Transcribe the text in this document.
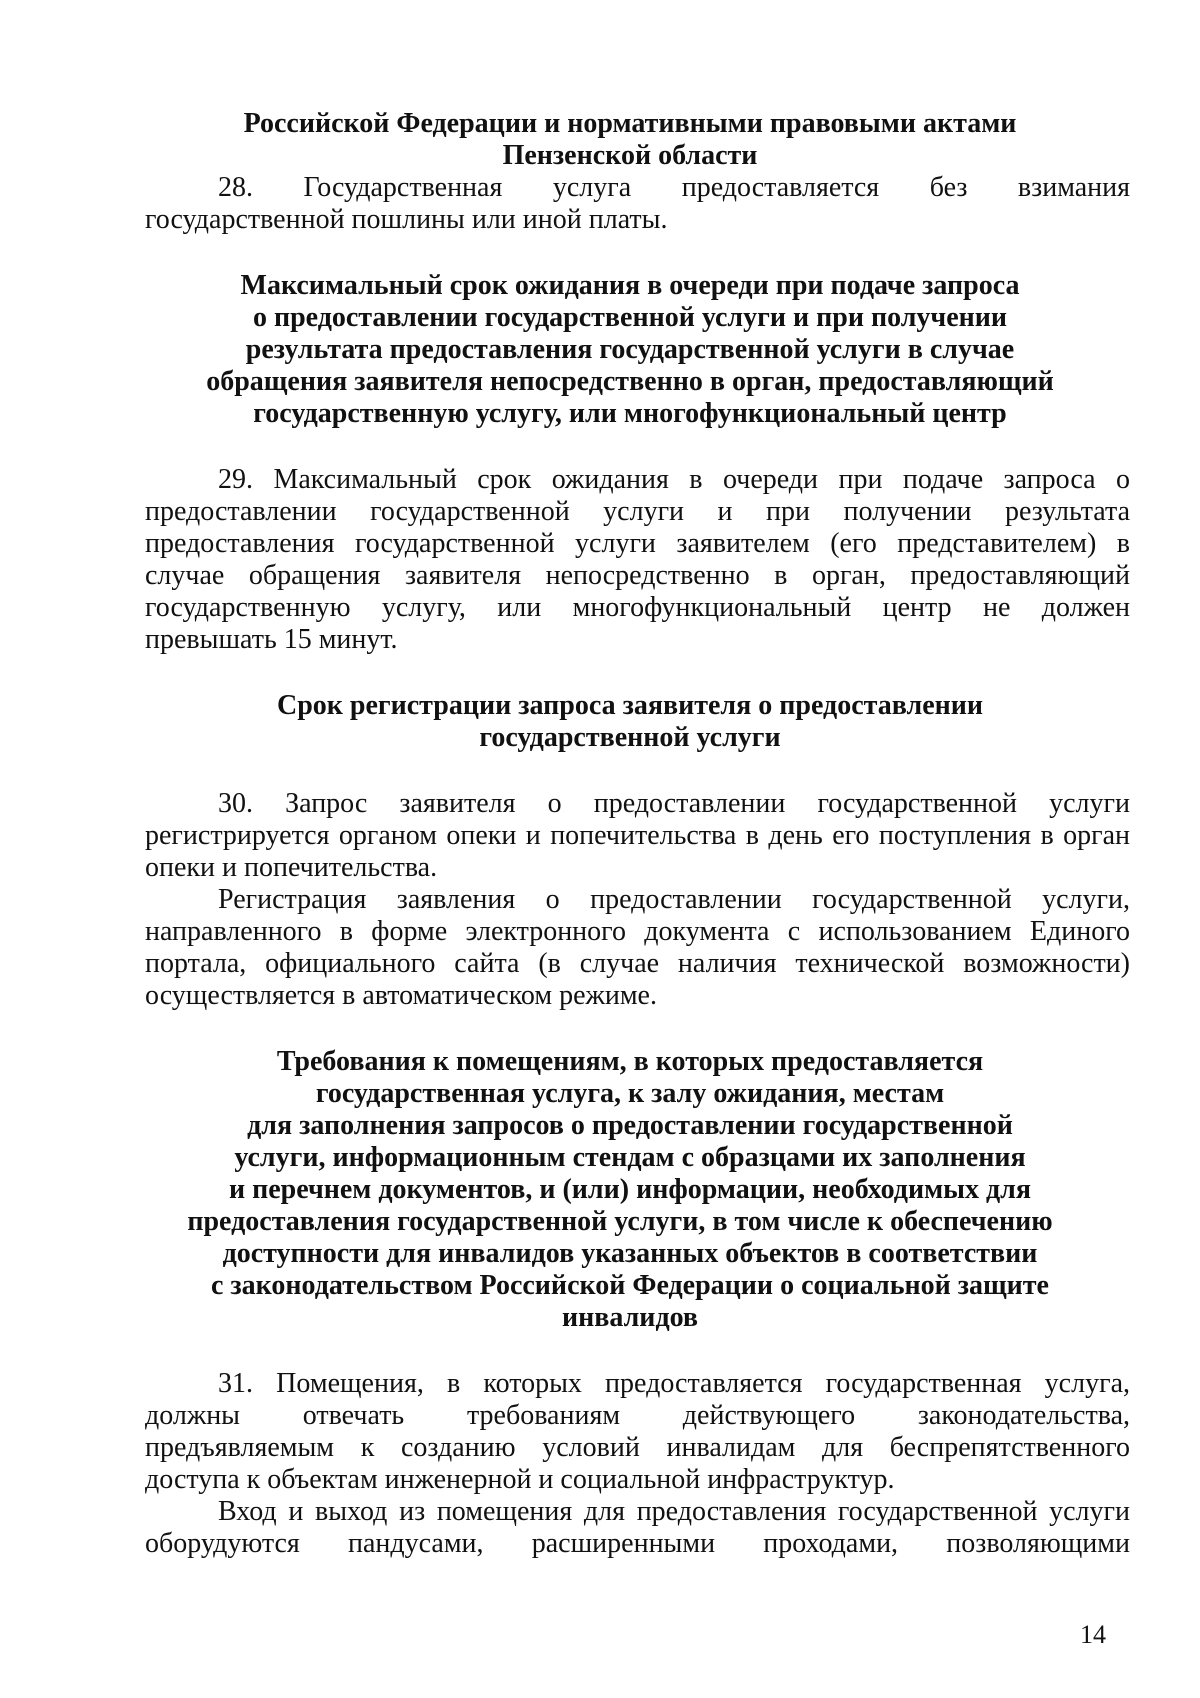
Российской Федерации и нормативными правовыми актами

Пензенской области

28. Государственная услуга предоставляется без взимания

государственной пошлины или иной платы.

Максимальный срок ожидания в очереди при подаче запроса

о предоставлении государственной услуги и при получении

результата предоставления государственной услуги в случае

обращения заявителя непосредственно в орган, предоставляющий

государственную услугу, или многофункциональный центр

29. Максимальный срок ожидания в очереди при подаче запроса о

предоставлении государственной услуги и при получении результата

предоставления государственной услуги заявителем (его представителем) в

случае обращения заявителя непосредственно в орган, предоставляющий

государственную услугу, или многофункциональный центр не должен

превышать 15 минут.

Срок регистрации запроса заявителя о предоставлении

государственной услуги

30. Запрос заявителя о предоставлении государственной услуги

регистрируется органом опеки и попечительства в день его поступления в орган

опеки и попечительства.

Регистрация заявления о предоставлении государственной услуги,

направленного в форме электронного документа с использованием Единого

портала, официального сайта (в случае наличия технической возможности)

осуществляется в автоматическом режиме.

Требования к помещениям, в которых предоставляется

государственная услуга, к залу ожидания, местам

для заполнения запросов о предоставлении государственной

услуги, информационным стендам с образцами их заполнения

и перечнем документов, и (или) информации, необходимых для

предоставления государственной услуги, в том числе к обеспечению

доступности для инвалидов указанных объектов в соответствии

с законодательством Российской Федерации о социальной защите

инвалидов

31. Помещения, в которых предоставляется государственная услуга,

должны отвечать требованиям действующего законодательства,

предъявляемым к созданию условий инвалидам для беспрепятственного

доступа к объектам инженерной и социальной инфраструктур.

Вход и выход из помещения для предоставления государственной услуги

оборудуются пандусами, расширенными проходами, позволяющими

14
